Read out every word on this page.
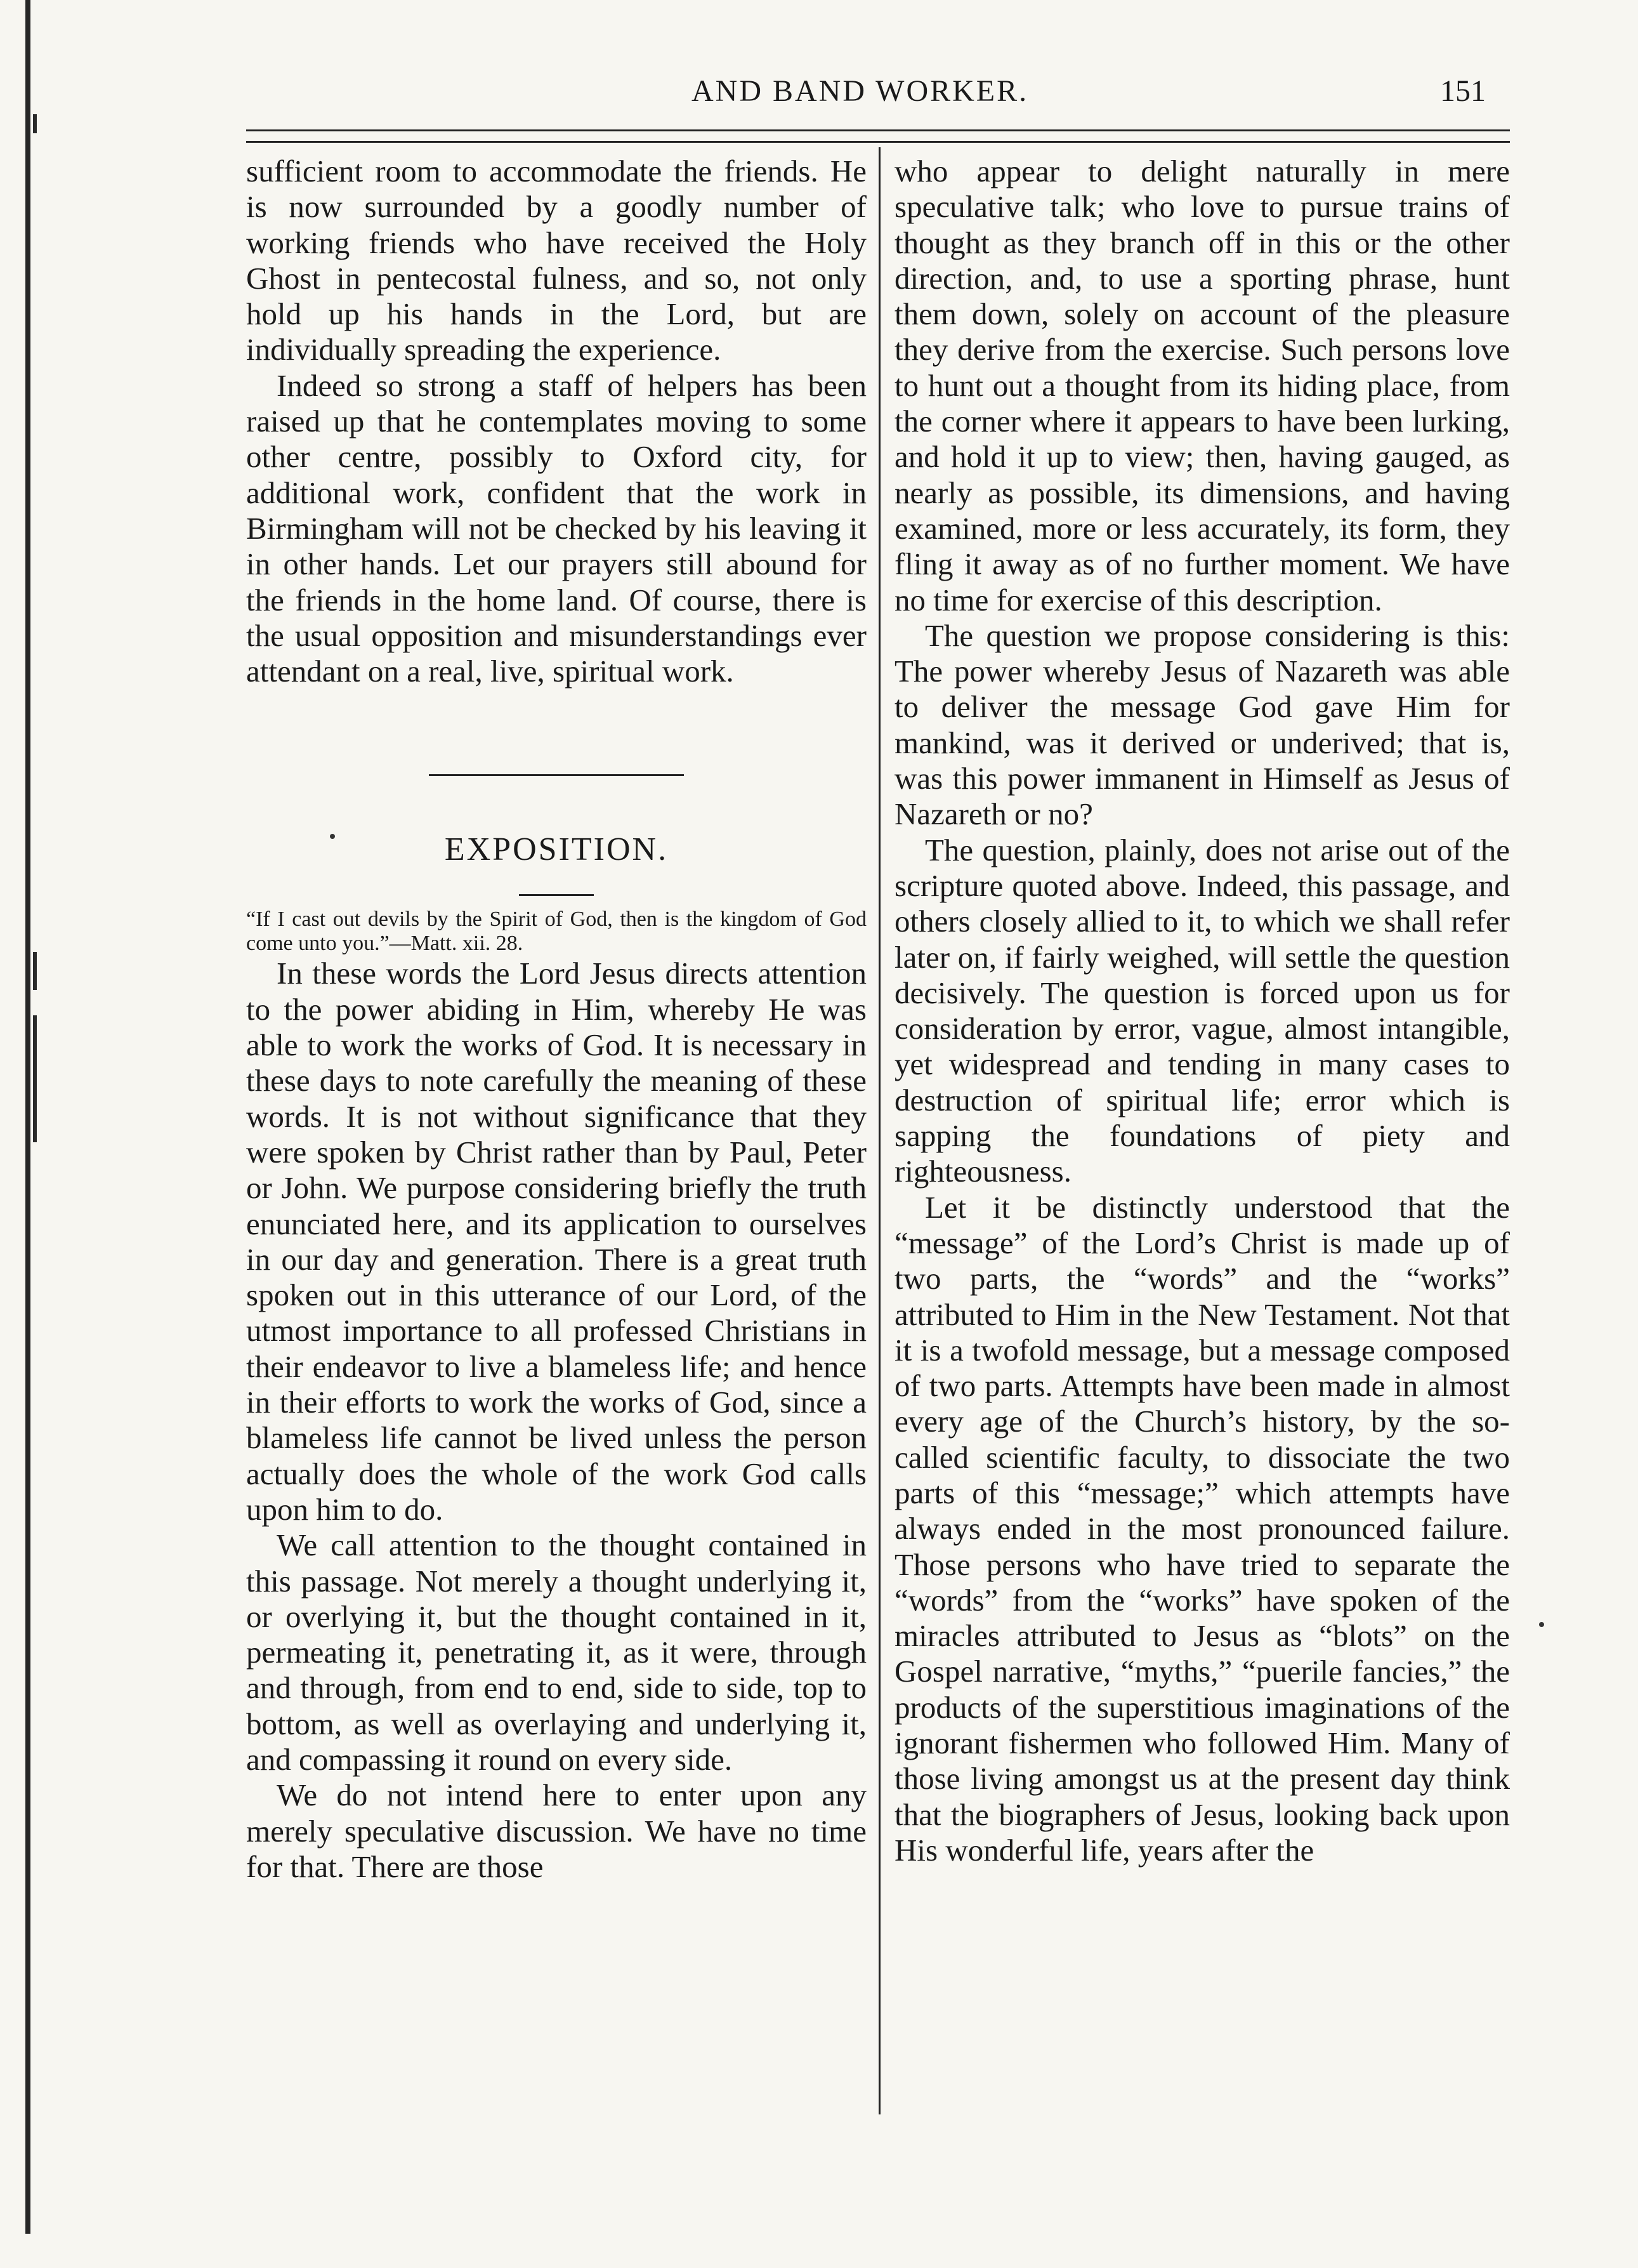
AND BAND WORKER.	151

sufficient room to accommodate the friends. He is now surrounded by a goodly number of working friends who have received the Holy Ghost in pentecostal fulness, and so, not only hold up his hands in the Lord, but are individually spreading the experience.

Indeed so strong a staff of helpers has been raised up that he contemplates moving to some other centre, possibly to Oxford city, for additional work, confident that the work in Birmingham will not be checked by his leaving it in other hands. Let our prayers still abound for the friends in the home land. Of course, there is the usual opposition and misunderstandings ever attendant on a real, live, spiritual work.

EXPOSITION.

“If I cast out devils by the Spirit of God, then is the kingdom of God come unto you.”—Matt. xii. 28.

In these words the Lord Jesus directs attention to the power abiding in Him, whereby He was able to work the works of God. It is necessary in these days to note carefully the meaning of these words. It is not without significance that they were spoken by Christ rather than by Paul, Peter or John. We purpose considering briefly the truth enunciated here, and its application to ourselves in our day and generation. There is a great truth spoken out in this utterance of our Lord, of the utmost importance to all professed Christians in their endeavor to live a blameless life; and hence in their efforts to work the works of God, since a blameless life cannot be lived unless the person actually does the whole of the work God calls upon him to do.

We call attention to the thought contained in this passage. Not merely a thought underlying it, or overlying it, but the thought contained in it, permeating it, penetrating it, as it were, through and through, from end to end, side to side, top to bottom, as well as overlaying and underlying it, and compassing it round on every side.

We do not intend here to enter upon any merely speculative discussion. We have no time for that. There are those

who appear to delight naturally in mere speculative talk; who love to pursue trains of thought as they branch off in this or the other direction, and, to use a sporting phrase, hunt them down, solely on account of the pleasure they derive from the exercise. Such persons love to hunt out a thought from its hiding place, from the corner where it appears to have been lurking, and hold it up to view; then, having gauged, as nearly as possible, its dimensions, and having examined, more or less accurately, its form, they fling it away as of no further moment. We have no time for exercise of this description.

The question we propose considering is this: The power whereby Jesus of Nazareth was able to deliver the message God gave Him for mankind, was it derived or underived; that is, was this power immanent in Himself as Jesus of Nazareth or no?

The question, plainly, does not arise out of the scripture quoted above. Indeed, this passage, and others closely allied to it, to which we shall refer later on, if fairly weighed, will settle the question decisively. The question is forced upon us for consideration by error, vague, almost intangible, yet widespread and tending in many cases to destruction of spiritual life; error which is sapping the foundations of piety and righteousness.

Let it be distinctly understood that the “message” of the Lord’s Christ is made up of two parts, the “words” and the “works” attributed to Him in the New Testament. Not that it is a twofold message, but a message composed of two parts. Attempts have been made in almost every age of the Church’s history, by the so-called scientific faculty, to dissociate the two parts of this “message;” which attempts have always ended in the most pronounced failure. Those persons who have tried to separate the “words” from the “works” have spoken of the miracles attributed to Jesus as “blots” on the Gospel narrative, “myths,” “puerile fancies,” the products of the superstitious imaginations of the ignorant fishermen who followed Him. Many of those living amongst us at the present day think that the biographers of Jesus, looking back upon His wonderful life, years after the
